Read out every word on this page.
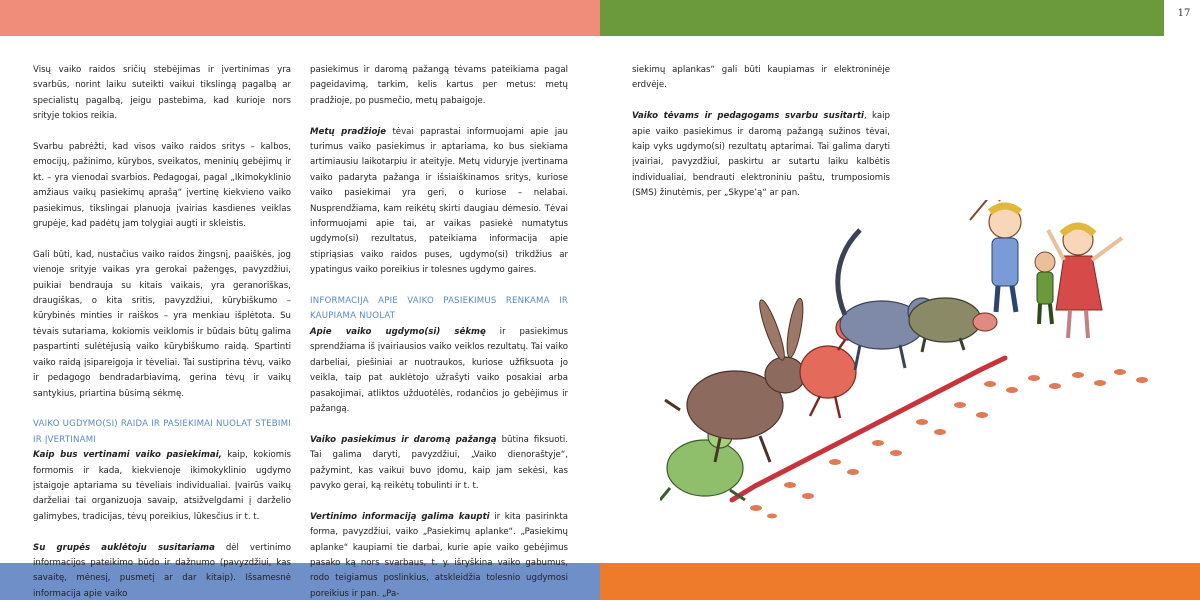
17

Visų vaiko raidos sričių stebėjimas ir įvertinimas yra svarbūs, norint laiku suteikti vaikui tikslingą pagalbą ar specialistų pagalbą, jeigu pastebima, kad kurioje nors srityje tokios reikia.

Svarbu pabrėžti, kad visos vaiko raidos sritys – kalbos, emocijų, pažinimo, kūrybos, sveikatos, meninių gebėjimų ir kt. – yra vienodai svarbios. Pedagogai, pagal „Ikimokyklinio amžiaus vaikų pasiekimų aprašą“ įvertinę kiekvieno vaiko pasiekimus, tikslingai planuoja įvairias kasdienes veiklas grupėje, kad padėtų jam tolygiai augti ir skleistis.

Gali būti, kad, nustačius vaiko raidos žingsnį, paaiškės, jog vienoje srityje vaikas yra gerokai pažengęs, pavyzdžiui, puikiai bendrauja su kitais vaikais, yra geranoriškas, draugiškas, o kita sritis, pavyzdžiui, kūrybiškumo – kūrybinės minties ir raiškos – yra menkiau išplėtota. Su tėvais sutariama, kokiomis veiklomis ir būdais būtų galima paspartinti sulėtėjusią vaiko kūrybiškumo raidą. Spartinti vaiko raidą įsipareigoja ir tėveliai. Tai sustiprina tėvų, vaiko ir pedagogo bendradarbiavimą, gerina tėvų ir vaikų santykius, priartina būsimą sėkmę.

VAIKO UGDYMO(SI) RAIDA IR PASIEKIMAI NUOLAT STEBIMI IR ĮVERTINAMI

Kaip bus vertinami vaiko pasiekimai, kaip, kokiomis formomis ir kada, kiekvienoje ikimokyklinio ugdymo įstaigoje aptariama su tėveliais individualiai. Įvairūs vaikų darželiai tai organizuoja savaip, atsižvelgdami į darželio galimybes, tradicijas, tėvų poreikius, lūkesčius ir t. t.

Su grupės auklėtoju susitariama dėl vertinimo informacijos pateikimo būdo ir dažnumo (pavyzdžiui, kas savaitę, mėnesį, pusmetį ar dar kitaip). Išsamesnė informacija apie vaiko

pasiekimus ir daromą pažangą tėvams pateikiama pagal pageidavimą, tarkim, kelis kartus per metus: metų pradžioje, po pusmečio, metų pabaigoje.

Metų pradžioje tėvai paprastai informuojami apie jau turimus vaiko pasiekimus ir aptariama, ko bus siekiama artimiausiu laikotarpiu ir ateityje. Metų viduryje įvertinama vaiko padaryta pažanga ir išsiaiškinamos sritys, kuriose vaiko pasiekimai yra geri, o kuriose – nelabai. Nusprendžiama, kam reikėtų skirti daugiau dėmesio. Tėvai informuojami apie tai, ar vaikas pasiekė numatytus ugdymo(si) rezultatus, pateikiama informacija apie stipriąsias vaiko raidos puses, ugdymo(si) trikdžius ar ypatingus vaiko poreikius ir tolesnes ugdymo gaires.

INFORMACIJA APIE VAIKO PASIEKIMUS RENKAMA IR KAUPIAMA NUOLAT

Apie vaiko ugdymo(si) sėkmę ir pasiekimus sprendžiama iš įvairiausios vaiko veiklos rezultatų. Tai vaiko darbeliai, piešiniai ar nuotraukos, kuriose užfiksuota jo veikla, taip pat auklėtojo užrašyti vaiko posakiai arba pasakojimai, atliktos užduotėlės, rodančios jo gebėjimus ir pažangą.

Vaiko pasiekimus ir daromą pažangą būtina fiksuoti. Tai galima daryti, pavyzdžiui, „Vaiko dienoraštyje“, pažymint, kas vaikui buvo įdomu, kaip jam sekėsi, kas pavyko gerai, ką reikėtų tobulinti ir t. t.

Vertinimo informaciją galima kaupti ir kita pasirinkta forma, pavyzdžiui, vaiko „Pasiekimų aplanke“. „Pasiekimų aplanke“ kaupiami tie darbai, kurie apie vaiko gebėjimus pasako ką nors svarbaus, t. y. išryškina vaiko gabumus, rodo teigiamus poslinkius, atskleidžia tolesnio ugdymosi poreikius ir pan. „Pa-

siekimų aplankas“ gali būti kaupiamas ir elektroninėje erdvėje.

Vaiko tėvams ir pedagogams svarbu susitarti, kaip apie vaiko pasiekimus ir daromą pažangą sužinos tėvai, kaip vyks ugdymo(si) rezultatų aptarimai. Tai galima daryti įvairiai, pavyzdžiui, paskirtu ar sutartu laiku kalbėtis individualiai, bendrauti elektroniniu paštu, trumposiomis (SMS) žinutėmis, per „Skype’ą“ ar pan.
